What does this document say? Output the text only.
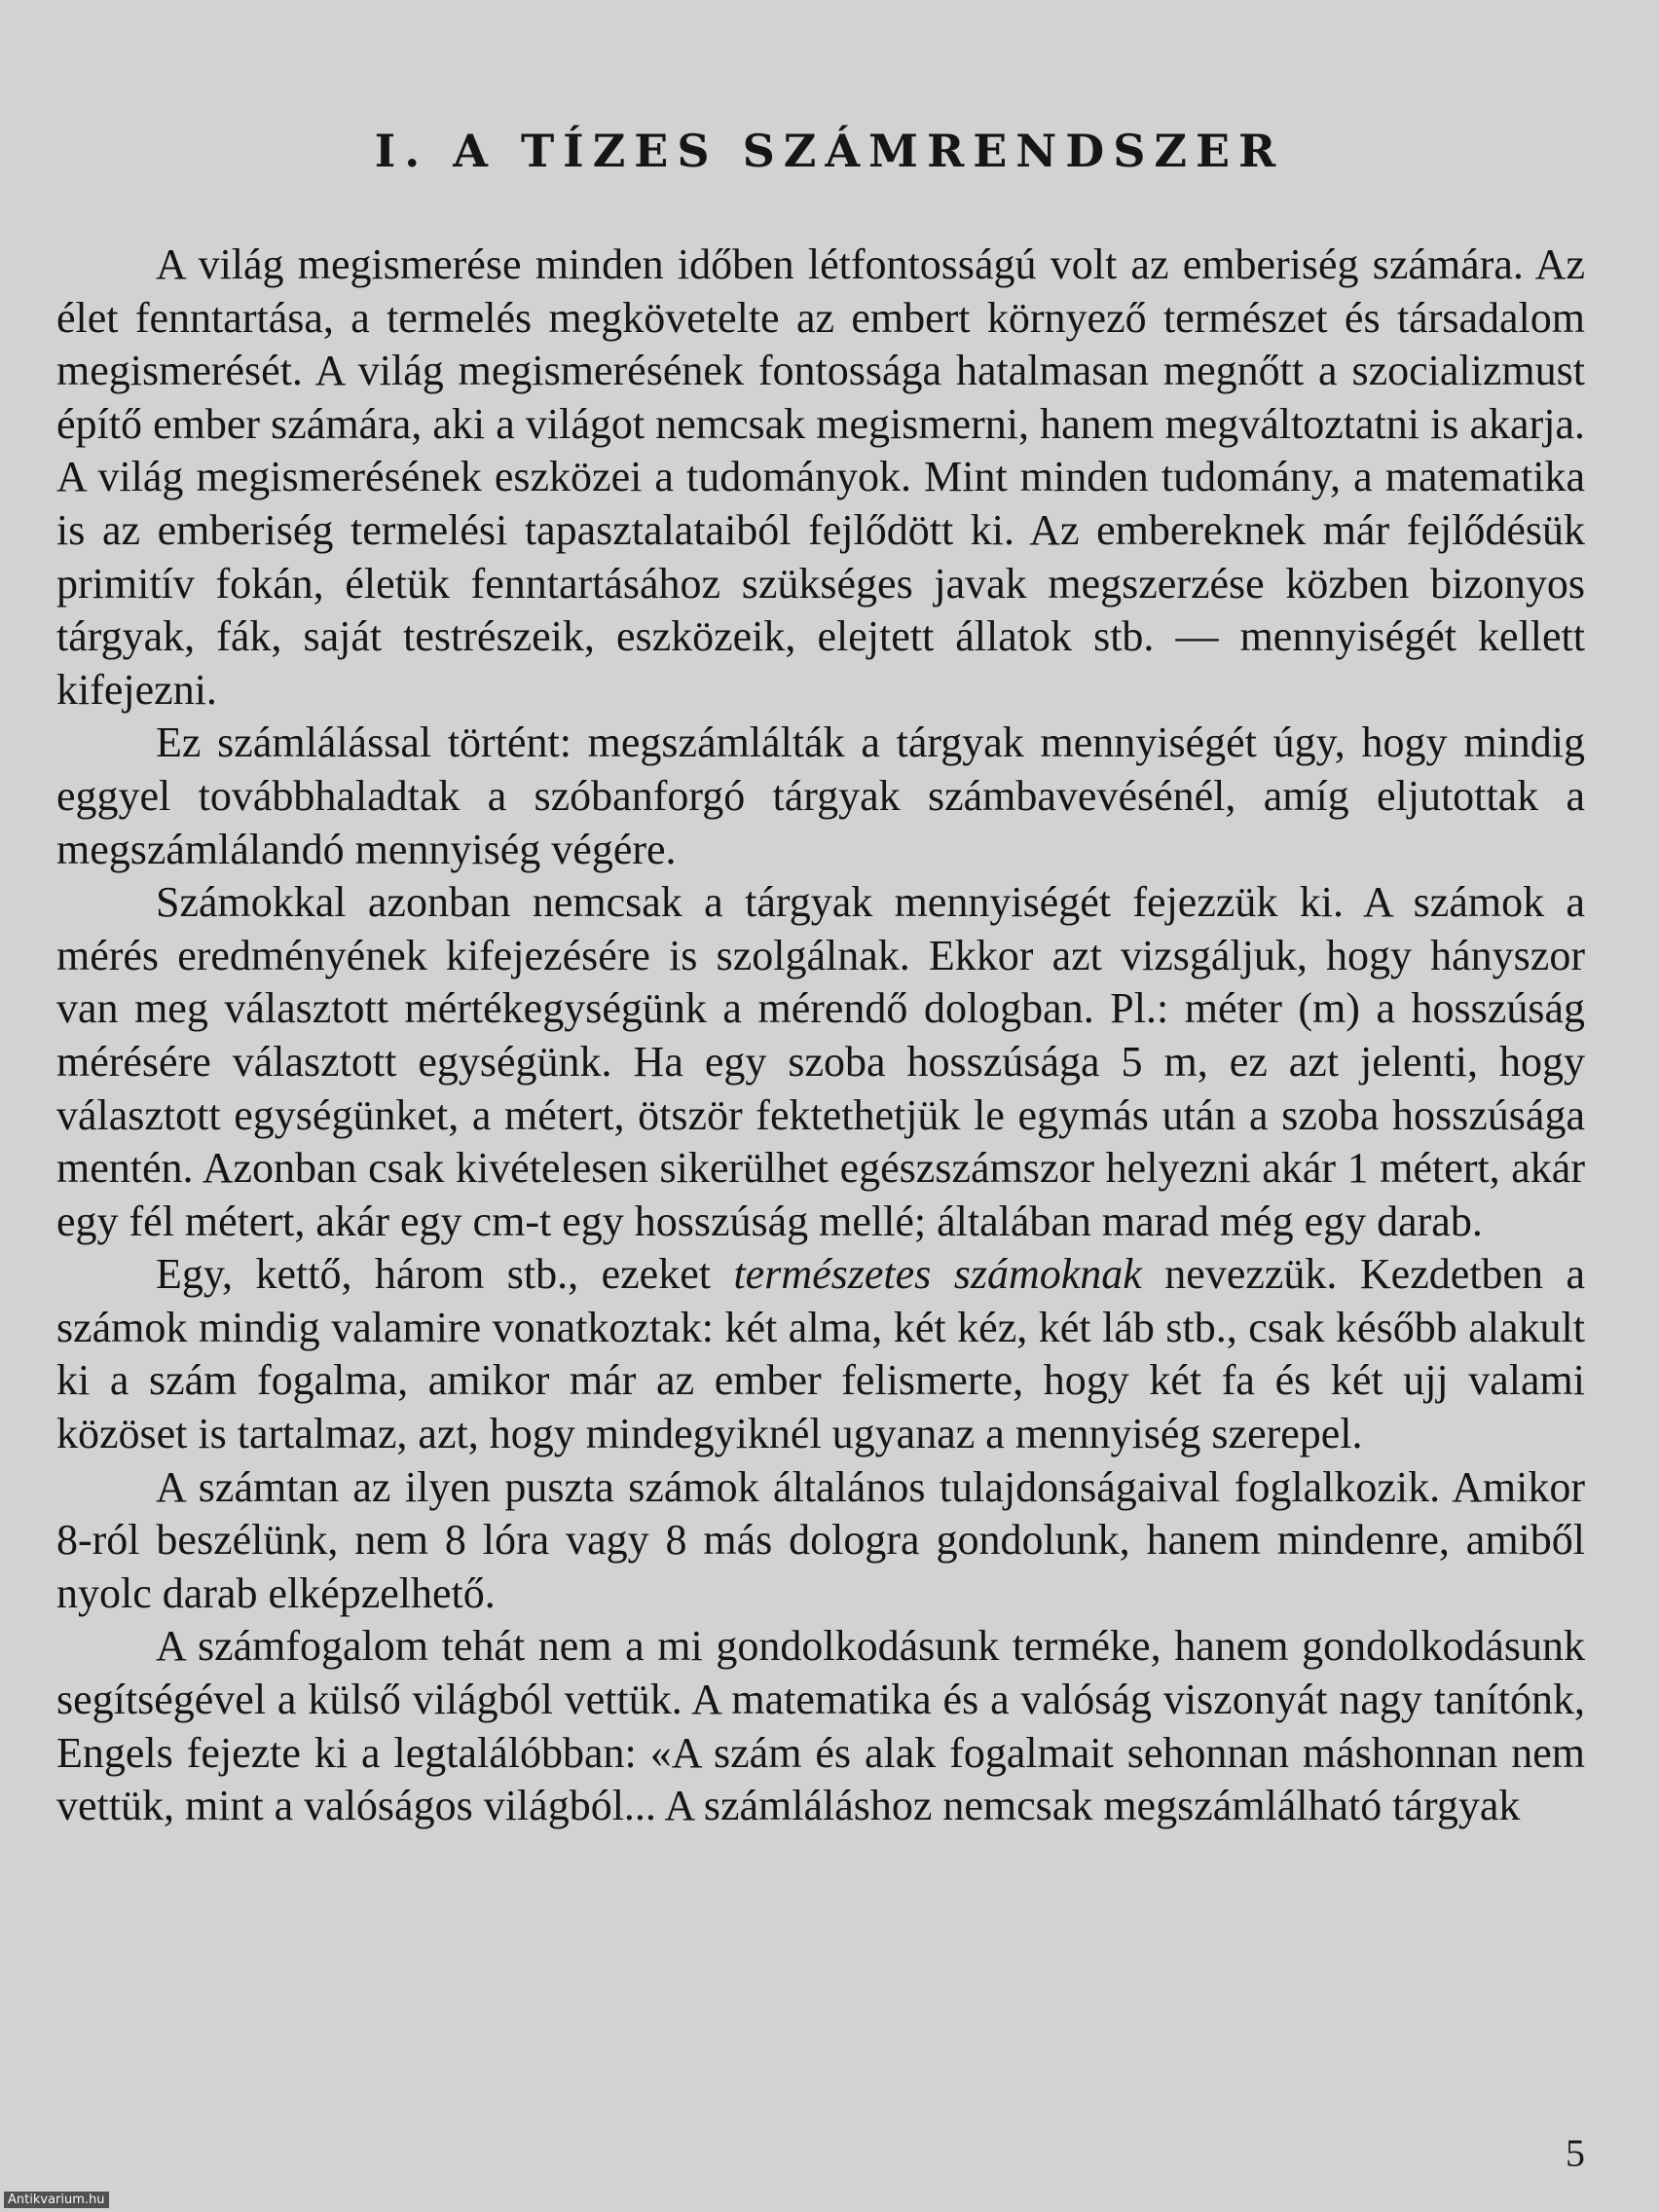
I. A TÍZES SZÁMRENDSZER

A világ megismerése minden időben létfontosságú volt az emberiség számára. Az élet fenntartása, a termelés megkövetelte az embert környező természet és társadalom megismerését. A világ megismerésének fontossága hatalmasan megnőtt a szocializmust építő ember számára, aki a világot nemcsak megismerni, hanem megváltoztatni is akarja. A világ megismerésének eszközei a tudományok. Mint minden tudomány, a matematika is az emberiség termelési tapasztalataiból fejlődött ki. Az embereknek már fejlődésük primitív fokán, életük fenntartásához szükséges javak megszerzése közben bizonyos tárgyak, fák, saját testrészeik, eszközeik, elejtett állatok stb. — mennyiségét kellett kifejezni.

Ez számlálással történt: megszámlálták a tárgyak mennyiségét úgy, hogy mindig eggyel továbbhaladtak a szóbanforgó tárgyak számbavevésénél, amíg eljutottak a megszámlálandó mennyiség végére.

Számokkal azonban nemcsak a tárgyak mennyiségét fejezzük ki. A számok a mérés eredményének kifejezésére is szolgálnak. Ekkor azt vizsgáljuk, hogy hányszor van meg választott mértékegységünk a mérendő dologban. Pl.: méter (m) a hosszúság mérésére választott egységünk. Ha egy szoba hosszúsága 5 m, ez azt jelenti, hogy választott egységünket, a métert, ötször fektethetjük le egymás után a szoba hosszúsága mentén. Azonban csak kivételesen sikerülhet egészszámszor helyezni akár 1 métert, akár egy fél métert, akár egy cm-t egy hosszúság mellé; általában marad még egy darab.

Egy, kettő, három stb., ezeket természetes számoknak nevezzük. Kezdetben a számok mindig valamire vonatkoztak: két alma, két kéz, két láb stb., csak később alakult ki a szám fogalma, amikor már az ember felismerte, hogy két fa és két ujj valami közöset is tartalmaz, azt, hogy mindegyiknél ugyanaz a mennyiség szerepel.

A számtan az ilyen puszta számok általános tulajdonságaival foglalkozik. Amikor 8-ról beszélünk, nem 8 lóra vagy 8 más dologra gondolunk, hanem mindenre, amiből nyolc darab elképzelhető.

A számfogalom tehát nem a mi gondolkodásunk terméke, hanem gondolkodásunk segítségével a külső világból vettük. A matematika és a valóság viszonyát nagy tanítónk, Engels fejezte ki a legtalálóbban: «A szám és alak fogalmait sehonnan máshonnan nem vettük, mint a valóságos világból... A számláláshoz nemcsak megszámlálható tárgyak

5
Antikvarium.hu
